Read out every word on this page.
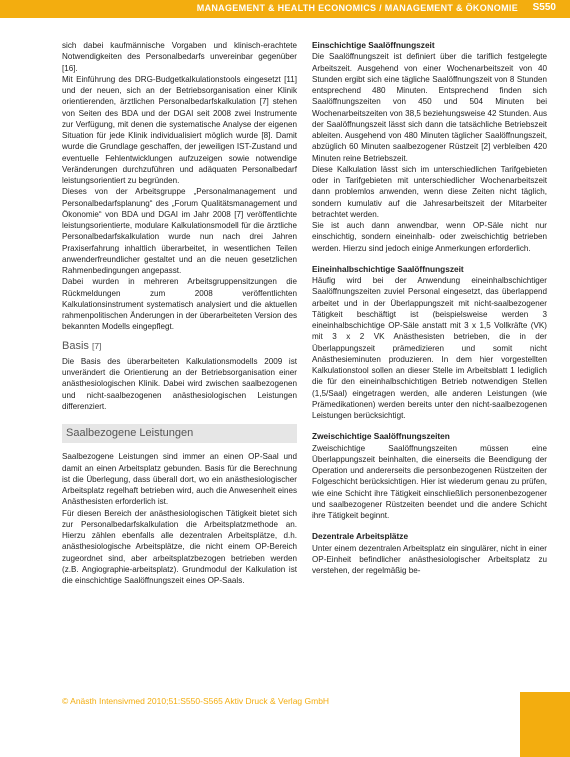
MANAGEMENT & HEALTH ECONOMICS / MANAGEMENT & ÖKONOMIE S550

sich dabei kaufmännische Vorgaben und klinisch-erachtete Notwendigkeiten des Personalbedarfs unvereinbar gegenüber [16].

Mit Einführung des DRG-Budgetkalkulationstools eingesetzt [11] und der neuen, sich an der Betriebsorganisation einer Klinik orientierenden, ärztlichen Personalbedarfskalkulation [7] stehen von Seiten des BDA und der DGAI seit 2008 zwei Instrumente zur Verfügung, mit denen die systematische Analyse der eigenen Situation für jede Klinik individualisiert möglich wurde [8]. Damit wurde die Grundlage geschaffen, der jeweiligen IST-Zustand und eventuelle Fehlentwicklungen aufzuzeigen sowie notwendige Veränderungen durchzuführen und adäquaten Personalbedarf leistungsorientiert zu begründen.

Dieses von der Arbeitsgruppe „Personalmanagement und Personalbedarfsplanung“ des „Forum Qualitätsmanagement und Ökonomie“ von BDA und DGAI im Jahr 2008 [7] veröffentlichte leistungsorientierte, modulare Kalkulationsmodell für die ärztliche Personalbedarfskalkulation wurde nun nach drei Jahren Praxiserfahrung inhaltlich überarbeitet, in wesentlichen Teilen anwenderfreundlicher gestaltet und an die neuen gesetzlichen Rahmenbedingungen angepasst.

Dabei wurden in mehreren Arbeitsgruppensitzungen die Rückmeldungen zum 2008 veröffentlichten Kalkulationsinstrument systematisch analysiert und die aktuellen rahmenpolitischen Änderungen in der überarbeiteten Version des bekannten Modells eingepflegt.

Basis [7]

Die Basis des überarbeiteten Kalkulationsmodells 2009 ist unverändert die Orientierung an der Betriebsorganisation einer anästhesiologischen Klinik. Dabei wird zwischen saalbezogenen und nicht-saalbezogenen anästhesiologischen Leistungen differenziert.

Saalbezogene Leistungen

Saalbezogene Leistungen sind immer an einen OP-Saal und damit an einen Arbeitsplatz gebunden. Basis für die Berechnung ist die Überlegung, dass überall dort, wo ein anästhesiologischer Arbeitsplatz regelhaft betrieben wird, auch die Anwesenheit eines Anästhesisten erforderlich ist.

Für diesen Bereich der anästhesiologischen Tätigkeit bietet sich zur Personalbedarfskalkulation die Arbeitsplatzmethode an. Hierzu zählen ebenfalls alle dezentralen Arbeitsplätze, d.h. anästhesiologische Arbeitsplätze, die nicht einem OP-Bereich zugeordnet sind, aber arbeitsplatzbezogen betrieben werden (z.B. Angiographie-arbeitsplatz). Grundmodul der Kalkulation ist die einschichtige Saalöffnungszeit eines OP-Saals.

Einschichtige Saalöffnungszeit

Die Saalöffnungszeit ist definiert über die tariflich festgelegte Arbeitszeit. Ausgehend von einer Wochenarbeitszeit von 40 Stunden ergibt sich eine tägliche Saalöffnungszeit von 8 Stunden entsprechend 480 Minuten. Entsprechend finden sich Saalöffnungszeiten von 450 und 504 Minuten bei Wochenarbeitszeiten von 38,5 beziehungsweise 42 Stunden. Aus der Saalöffnungszeit lässt sich dann die tatsächliche Betriebszeit ableiten. Ausgehend von 480 Minuten täglicher Saalöffnungszeit, abzüglich 60 Minuten saalbezogener Rüstzeit [2] verbleiben 420 Minuten reine Betriebszeit.

Diese Kalkulation lässt sich im unterschiedlichen Tarifgebieten oder in Tarifgebieten mit unterschiedlicher Wochenarbeitszeit dann problemlos anwenden, wenn diese Zeiten nicht täglich, sondern kumulativ auf die Jahresarbeitszeit der Mitarbeiter betrachtet werden.

Sie ist auch dann anwendbar, wenn OP-Säle nicht nur einschichtig, sondern eineinhalb- oder zweischichtig betrieben werden. Hierzu sind jedoch einige Anmerkungen erforderlich.

Eineinhalbschichtige Saalöffnungszeit

Häufig wird bei der Anwendung eineinhalbschichtiger Saalöffnungszeiten zuviel Personal eingesetzt, das überlappend arbeitet und in der Überlappungszeit mit nicht-saalbezogener Tätigkeit beschäftigt ist (beispielsweise werden 3 eineinhalbschichtige OP-Säle anstatt mit 3 x 1,5 Vollkräfte (VK) mit 3 x 2 VK Anästhesisten betrieben, die in der Überlappungszeit prämedizieren und somit nicht Anästhesieminuten produzieren. In dem hier vorgestellten Kalkulationstool sollen an dieser Stelle im Arbeitsblatt 1 lediglich die für den eineinhalbschichtigen Betrieb notwendigen Stellen (1,5/Saal) eingetragen werden, alle anderen Leistungen (wie Prämedikationen) werden bereits unter den nicht-saalbezogenen Leistungen berücksichtigt.

Zweischichtige Saalöffnungszeiten

Zweischichtige Saalöffnungszeiten müssen eine Überlappungszeit beinhalten, die einerseits die Beendigung der Operation und andererseits die personbezogenen Rüstzeiten der Folgeschicht berücksichtigen. Hier ist wiederum genau zu prüfen, wie eine Schicht ihre Tätigkeit einschließlich personenbezogener und saalbezogener Rüstzeiten beendet und die andere Schicht ihre Tätigkeit beginnt.

Dezentrale Arbeitsplätze

Unter einem dezentralen Arbeitsplatz ein singulärer, nicht in einer OP-Einheit befindlicher anästhesiologischer Arbeitsplatz zu verstehen, der regelmäßig be-

© Anästh Intensivmed 2010;51:S550-S565 Aktiv Druck & Verlag GmbH
